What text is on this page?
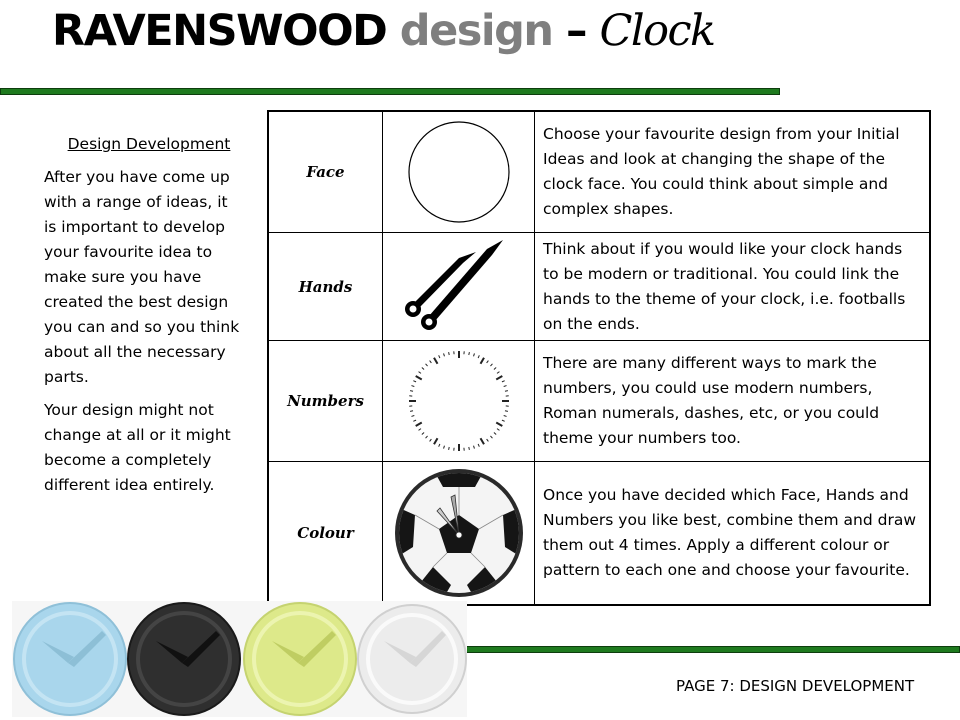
RAVENSWOOD design – Clock
Design Development

After you have come up with a range of ideas, it is important to develop your favourite idea to make sure you have created the best design you can and so you think about all the necessary parts.

Your design might not change at all or it might become a completely different idea entirely.

Face		Choose your favourite design from your Initial Ideas and look at changing the shape of the clock face. You could think about simple and complex shapes.
Hands		Think about if you would like your clock hands to be modern or traditional. You could link the hands to the theme of your clock, i.e. footballs on the ends.
Numbers		There are many different ways to mark the numbers, you could use modern numbers, Roman numerals, dashes, etc, or you could theme your numbers too.
Colour		Once you have decided which Face, Hands and Numbers you like best, combine them and draw them out 4 times. Apply a different colour or pattern to each one and choose your favourite.
PAGE 7: DESIGN DEVELOPMENT
